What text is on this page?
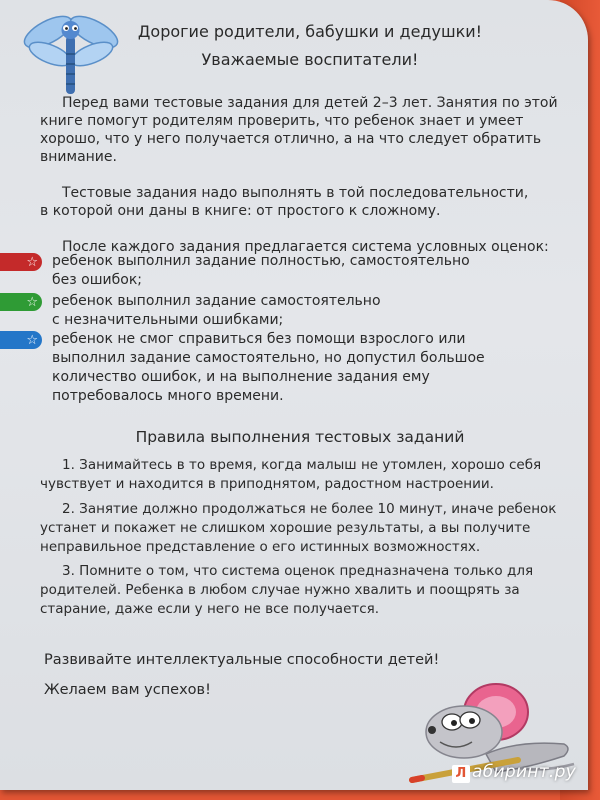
Дорогие родители, бабушки и дедушки!
Уважаемые воспитатели!
Перед вами тестовые задания для детей 2–3 лет. Занятия по этой
книге помогут родителям проверить, что ребенок знает и умеет
хорошо, что у него получается отлично, а на что следует обратить
внимание.
Тестовые задания надо выполнять в той последовательности,
в которой они даны в книге: от простого к сложному.
После каждого задания предлагается система условных оценок:
☆ ребенок выполнил задание полностью, самостоятельно
без ошибок;
☆ ребенок выполнил задание самостоятельно
с незначительными ошибками;
☆ ребенок не смог справиться без помощи взрослого или
выполнил задание самостоятельно, но допустил большое
количество ошибок, и на выполнение задания ему
потребовалось много времени.
Правила выполнения тестовых заданий
1. Занимайтесь в то время, когда малыш не утомлен, хорошо себя
чувствует и находится в приподнятом, радостном настроении.
2. Занятие должно продолжаться не более 10 минут, иначе ребенок
устанет и покажет не слишком хорошие результаты, а вы получите
неправильное представление о его истинных возможностях.
3. Помните о том, что система оценок предназначена только для
родителей. Ребенка в любом случае нужно хвалить и поощрять за
старание, даже если у него не все получается.
Развивайте интеллектуальные способности детей!
Желаем вам успехов!
Л абиринт.ру
